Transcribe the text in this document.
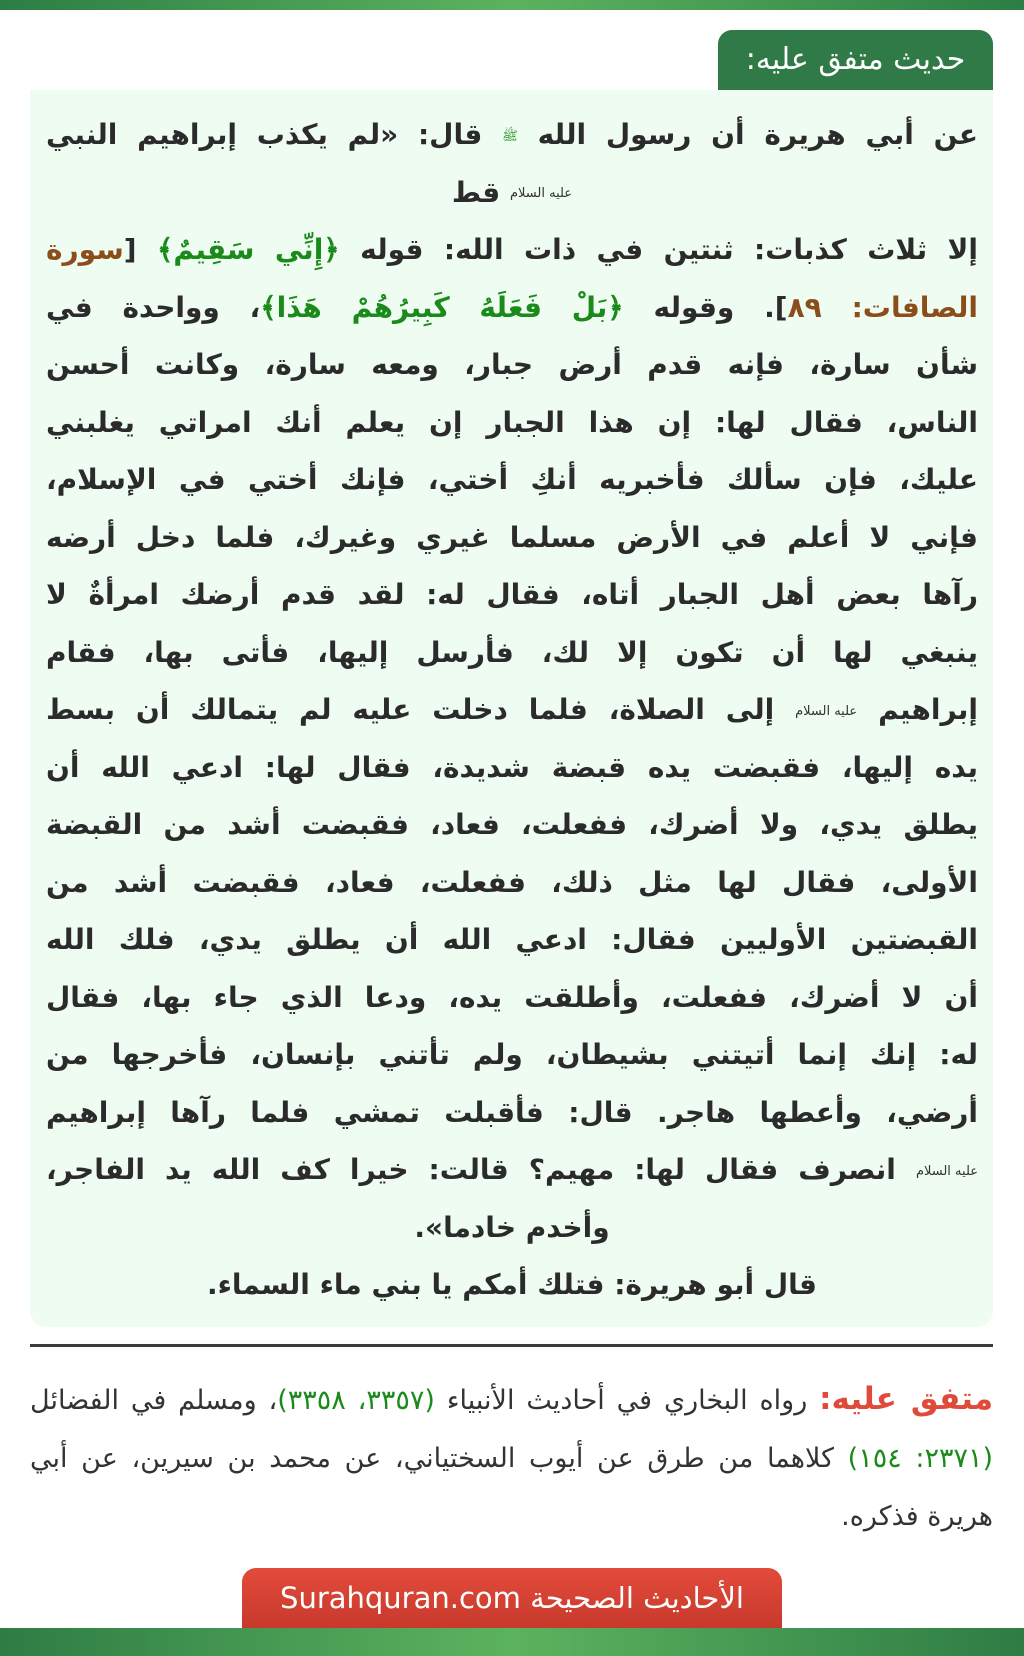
حديث متفق عليه:
عن أبي هريرة أن رسول الله ﷺ قال: «لم يكذب إبراهيم النبي
عليه السلام قط
إلا ثلاث كذبات: ثنتين في ذات الله: قوله ﴿إِنِّي سَقِيمٌ﴾ [سورة
الصافات: ٨٩]. وقوله ﴿بَلْ فَعَلَهُ كَبِيرُهُمْ هَذَا﴾، وواحدة في
شأن سارة، فإنه قدم أرض جبار، ومعه سارة، وكانت أحسن
الناس، فقال لها: إن هذا الجبار إن يعلم أنك امراتي يغلبني
عليك، فإن سألك فأخبريه أنكِ أختي، فإنك أختي في الإسلام،
فإني لا أعلم في الأرض مسلما غيري وغيرك، فلما دخل أرضه
رآها بعض أهل الجبار أتاه، فقال له: لقد قدم أرضك امرأةٌ لا
ينبغي لها أن تكون إلا لك، فأرسل إليها، فأتى بها، فقام
إبراهيم عليه السلام إلى الصلاة، فلما دخلت عليه لم يتمالك أن بسط
يده إليها، فقبضت يده قبضة شديدة، فقال لها: ادعي الله أن
يطلق يدي، ولا أضرك، ففعلت، فعاد، فقبضت أشد من القبضة
الأولى، فقال لها مثل ذلك، ففعلت، فعاد، فقبضت أشد من
القبضتين الأوليين فقال: ادعي الله أن يطلق يدي، فلك الله
أن لا أضرك، ففعلت، وأطلقت يده، ودعا الذي جاء بها، فقال
له: إنك إنما أتيتني بشيطان، ولم تأتني بإنسان، فأخرجها من
أرضي، وأعطها هاجر. قال: فأقبلت تمشي فلما رآها إبراهيم
عليه السلام انصرف فقال لها: مهيم؟ قالت: خيرا كف الله يد الفاجر،
وأخدم خادما».
قال أبو هريرة: فتلك أمكم يا بني ماء السماء.
متفق عليه: رواه البخاري في أحاديث الأنبياء (٣٣٥٧، ٣٣٥٨)، ومسلم في الفضائل (٢٣٧١: ١٥٤) كلاهما من طرق عن أيوب السختياني، عن محمد بن سيرين، عن أبي هريرة فذكره.
الأحاديث الصحيحة Surahquran.com
